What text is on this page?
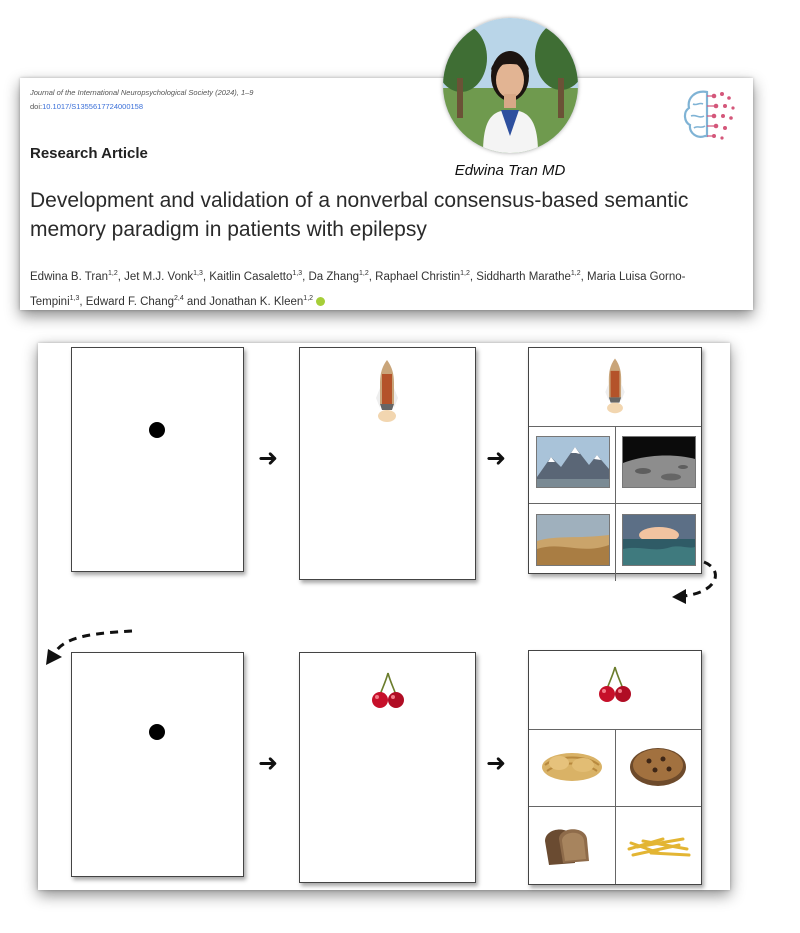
Journal of the International Neuropsychological Society (2024), 1–9
doi:10.1017/S1355617724000158
Research Article
Development and validation of a nonverbal consensus-based semantic memory paradigm in patients with epilepsy
Edwina B. Tran$^{1,2}$, Jet M.J. Vonk$^{1,3}$, Kaitlin Casaletto$^{1,3}$, Da Zhang$^{1,2}$, Raphael Christin$^{1,2}$, Siddharth Marathe$^{1,2}$, Maria Luisa Gorno-Tempini$^{1,3}$, Edward F. Chang$^{2,4}$ and Jonathan K. Kleen$^{1,2}$
Edwina Tran MD
➜	➜
➜	➜
